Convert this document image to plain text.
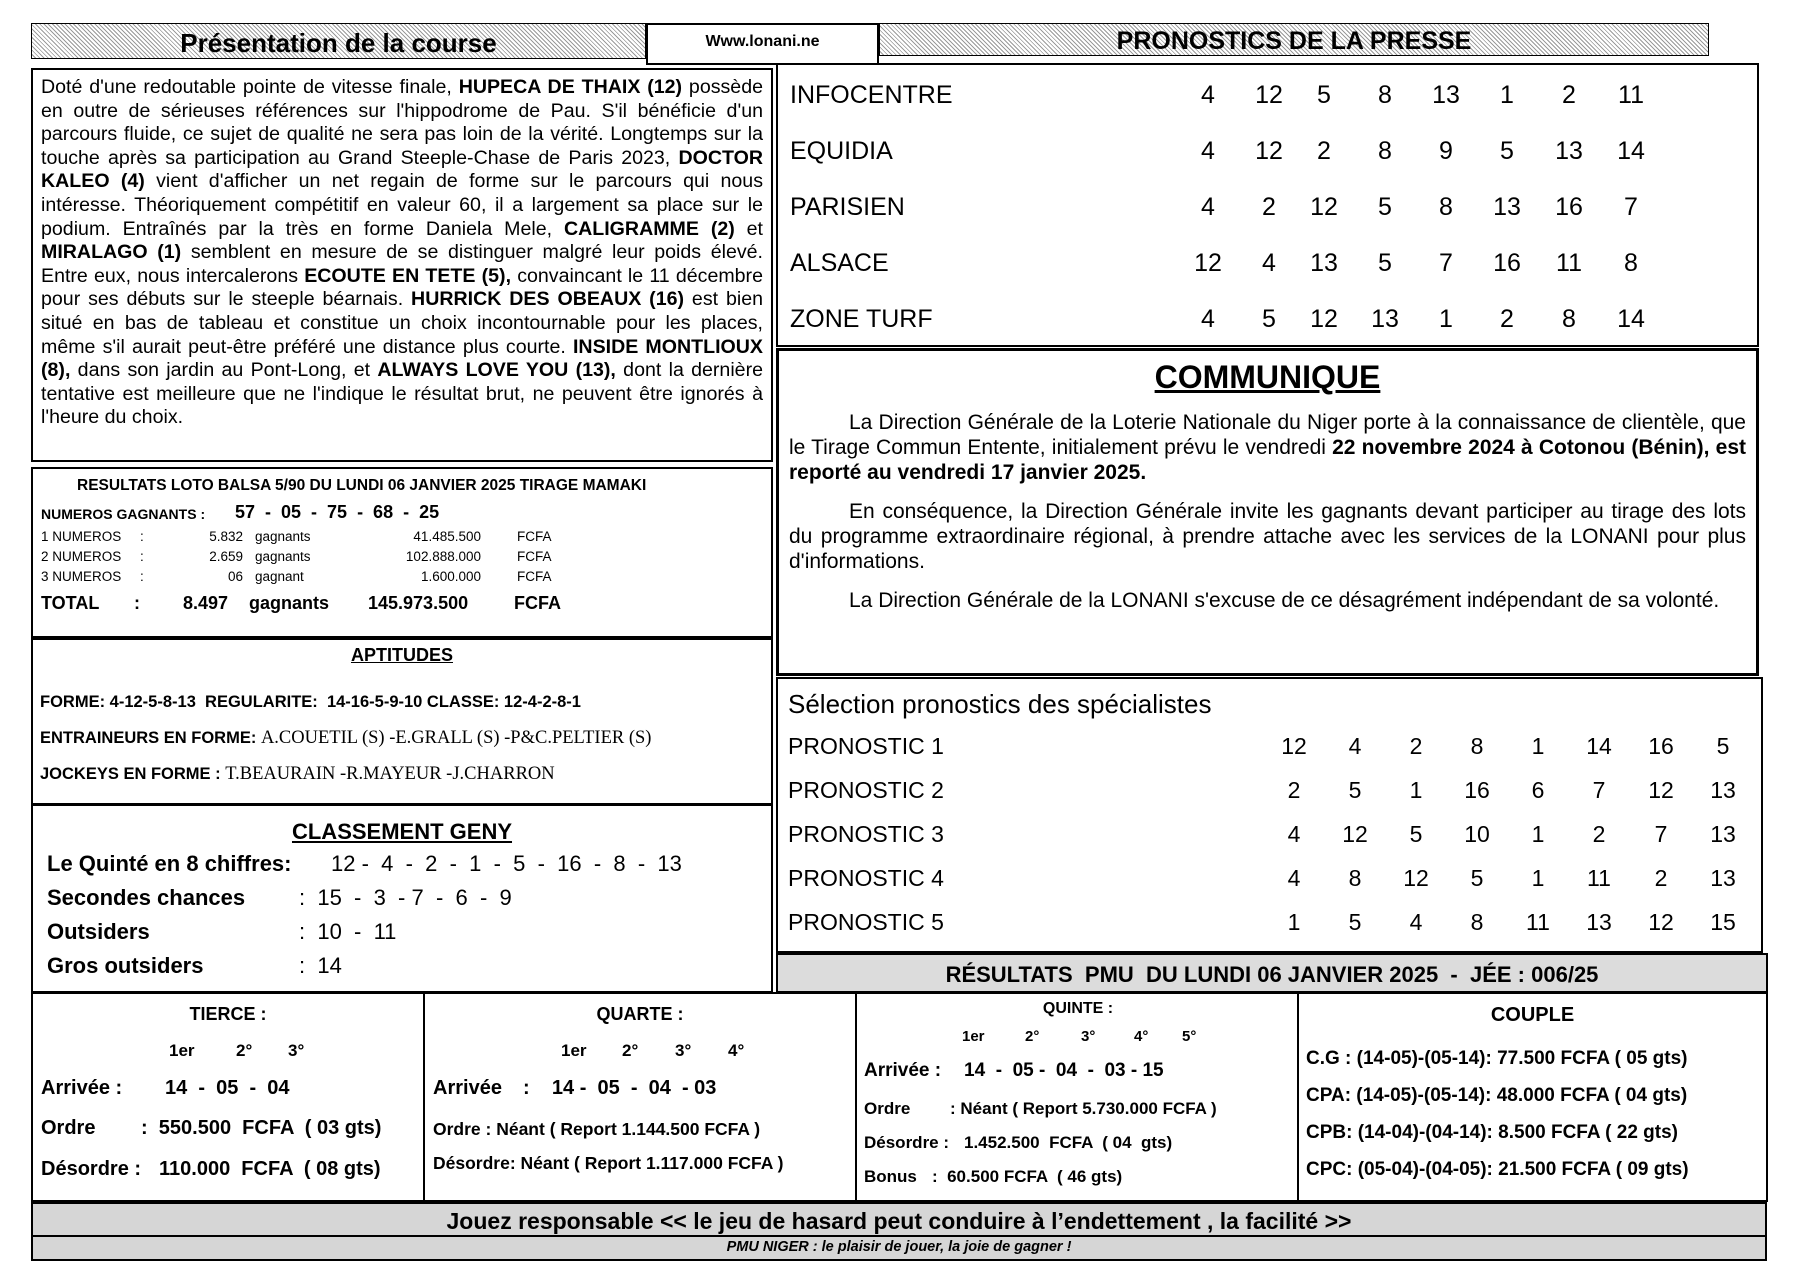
Présentation de la course	Www.lonani.ne	PRONOSTICS DE LA PRESSE

Doté d'une redoutable pointe de vitesse finale, HUPECA DE THAIX (12) possède en outre de sérieuses références sur l'hippodrome de Pau. S'il bénéficie d'un parcours fluide, ce sujet de qualité ne sera pas loin de la vérité. Longtemps sur la touche après sa participation au Grand Steeple-Chase de Paris 2023, DOCTOR KALEO (4) vient d'afficher un net regain de forme sur le parcours qui nous intéresse. Théoriquement compétitif en valeur 60, il a largement sa place sur le podium. Entraînés par la très en forme Daniela Mele, CALIGRAMME (2) et MIRALAGO (1) semblent en mesure de se distinguer malgré leur poids élevé. Entre eux, nous intercalerons ECOUTE EN TETE (5), convaincant le 11 décembre pour ses débuts sur le steeple béarnais. HURRICK DES OBEAUX (16) est bien situé en bas de tableau et constitue un choix incontournable pour les places, même s'il aurait peut-être préféré une distance plus courte. INSIDE MONTLIOUX (8), dans son jardin au Pont-Long, et ALWAYS LOVE YOU (13), dont la dernière tentative est meilleure que ne l'indique le résultat brut, ne peuvent être ignorés à l'heure du choix.

INFOCENTRE	4	12	5	8	13	1	2	11
EQUIDIA	4	12	2	8	9	5	13	14
PARISIEN	4	2	12	5	8	13	16	7
ALSACE	12	4	13	5	7	16	11	8
ZONE TURF	4	5	12	13	1	2	8	14
RESULTATS LOTO BALSA 5/90 DU LUNDI 06 JANVIER 2025 TIRAGE MAMAKI
NUMEROS GAGNANTS : 57  -  05  -  75  -  68  -  25
TOTAL : 8.497 gagnants 145.973.500	FCFA
1 NUMEROS :	5.832 gagnants	41.485.500	FCFA
2 NUMEROS :	2.659 gagnants	102.888.000	FCFA
3 NUMEROS :	06 gagnant	1.600.000	FCFA
APTITUDES
FORME: 4-12-5-8-13  REGULARITE:  14-16-5-9-10 CLASSE: 12-4-2-8-1
ENTRAINEURS EN FORME: A.COUETIL (S) -E.GRALL (S) -P&C.PELTIER (S)
JOCKEYS EN FORME : T.BEAURAIN -R.MAYEUR -J.CHARRON
CLASSEMENT GENY
Le Quinté en 8 chiffres: 12 -  4  -  2  -  1  -  5  -  16  -  8  -  13
Secondes chances :  15  -  3  - 7  -  6  -  9
Outsiders	:  10  -  11
Gros outsiders	:  14
COMMUNIQUE

La Direction Générale de la Loterie Nationale du Niger porte à la connaissance de clientèle, que le Tirage Commun Entente, initialement prévu le vendredi 22 novembre 2024 à Cotonou (Bénin), est reporté au vendredi 17 janvier 2025.

En conséquence, la Direction Générale invite les gagnants devant participer au tirage des lots du programme extraordinaire régional, à prendre attache avec les services de la LONANI pour plus d'informations.

La Direction Générale de la LONANI s'excuse de ce désagrément indépendant de sa volonté.

Sélection pronostics des spécialistes
PRONOSTIC 1	12	4	2	8	1	14	16	5
PRONOSTIC 2	2	5	1	16	6	7	12	13
PRONOSTIC 3	4	12	5	10	1	2	7	13
PRONOSTIC 4	4	8	12	5	1	11	2	13
PRONOSTIC 5	1	5	4	8	11	13	12	15
RÉSULTATS  PMU  DU LUNDI 06 JANVIER 2025  -  JÉE : 006/25
TIERCE :
Arrivée : 14  -  05  -  04
Ordre :  550.500  FCFA  ( 03 gts)
Désordre : 110.000  FCFA  ( 08 gts)
1er 2° 3°
QUARTE :
Arrivée :    14 -  05  -  04  - 03
Ordre : Néant ( Report 1.144.500 FCFA )
Désordre: Néant ( Report 1.117.000 FCFA )
1er 2° 3° 4°
QUINTE :
Arrivée : 14  -  05 -  04  -  03 - 15
Ordre : Néant ( Report 5.730.000 FCFA )
Désordre : 1.452.500  FCFA  ( 04  gts)
Bonus :  60.500 FCFA  ( 46 gts)
1er	2°	3°	4° 5°
COUPLE
C.G : (14-05)-(05-14): 77.500 FCFA ( 05 gts)
CPA: (14-05)-(05-14): 48.000 FCFA ( 04 gts)
CPB: (14-04)-(04-14): 8.500 FCFA ( 22 gts)
CPC: (05-04)-(04-05): 21.500 FCFA ( 09 gts)
Jouez responsable << le jeu de hasard peut conduire à l’endettement , la facilité >>
PMU NIGER : le plaisir de jouer, la joie de gagner !
